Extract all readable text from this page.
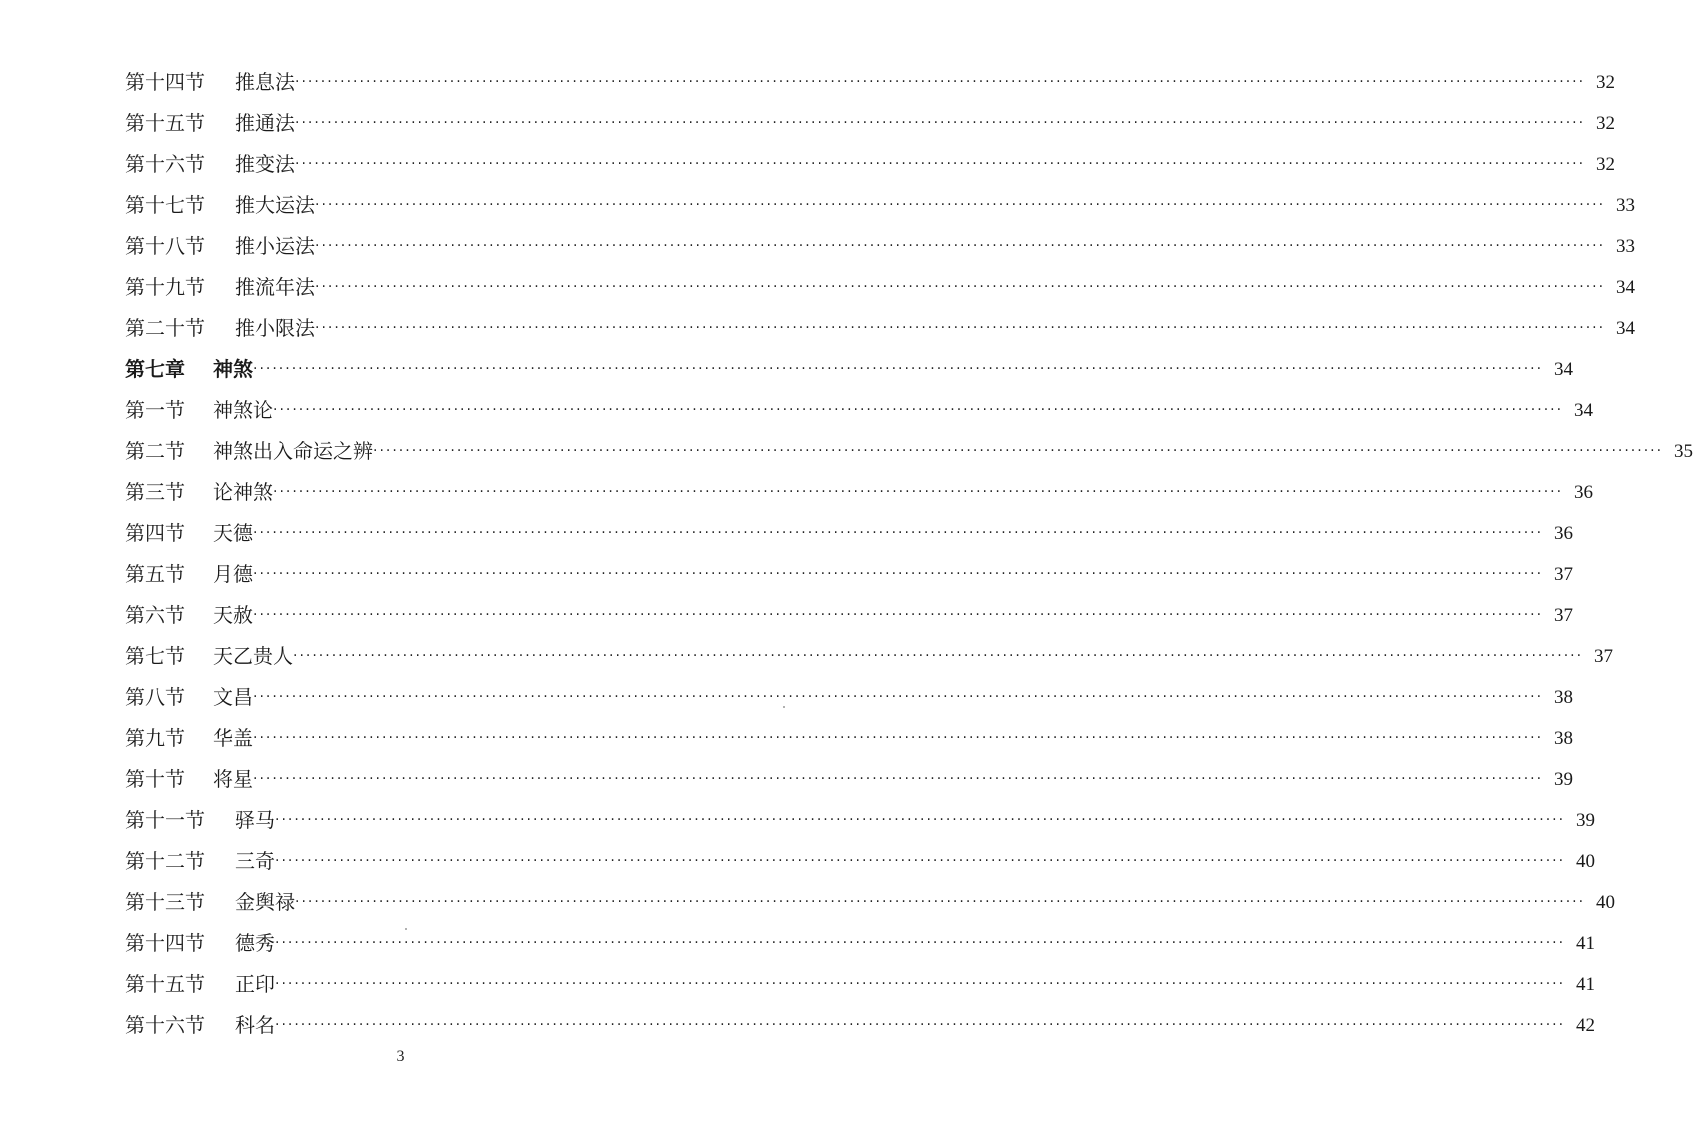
第十四节	推息法 ········································································································································································································ 32
第十五节	推通法 ········································································································································································································ 32
第十六节	推变法 ········································································································································································································ 32
第十七节	推大运法 ········································································································································································································ 33
第十八节	推小运法 ········································································································································································································ 33
第十九节	推流年法 ········································································································································································································ 34
第二十节	推小限法 ········································································································································································································ 34
第七章	神煞 ········································································································································································································ 34
第一节	神煞论 ········································································································································································································ 34
第二节	神煞出入命运之辨 ········································································································································································································ 35
第三节	论神煞 ········································································································································································································ 36
第四节	天德 ········································································································································································································ 36
第五节	月德 ········································································································································································································ 37
第六节	天赦 ········································································································································································································ 37
第七节	天乙贵人 ········································································································································································································ 37
第八节	文昌 ········································································································································································································ 38
第九节	华盖 ········································································································································································································ 38
第十节	将星 ········································································································································································································ 39
第十一节	驿马 ········································································································································································································ 39
第十二节	三奇 ········································································································································································································ 40
第十三节	金舆禄 ········································································································································································································ 40
第十四节	德秀 ········································································································································································································ 41
第十五节	正印 ········································································································································································································ 41
第十六节	科名 ········································································································································································································ 42
3
